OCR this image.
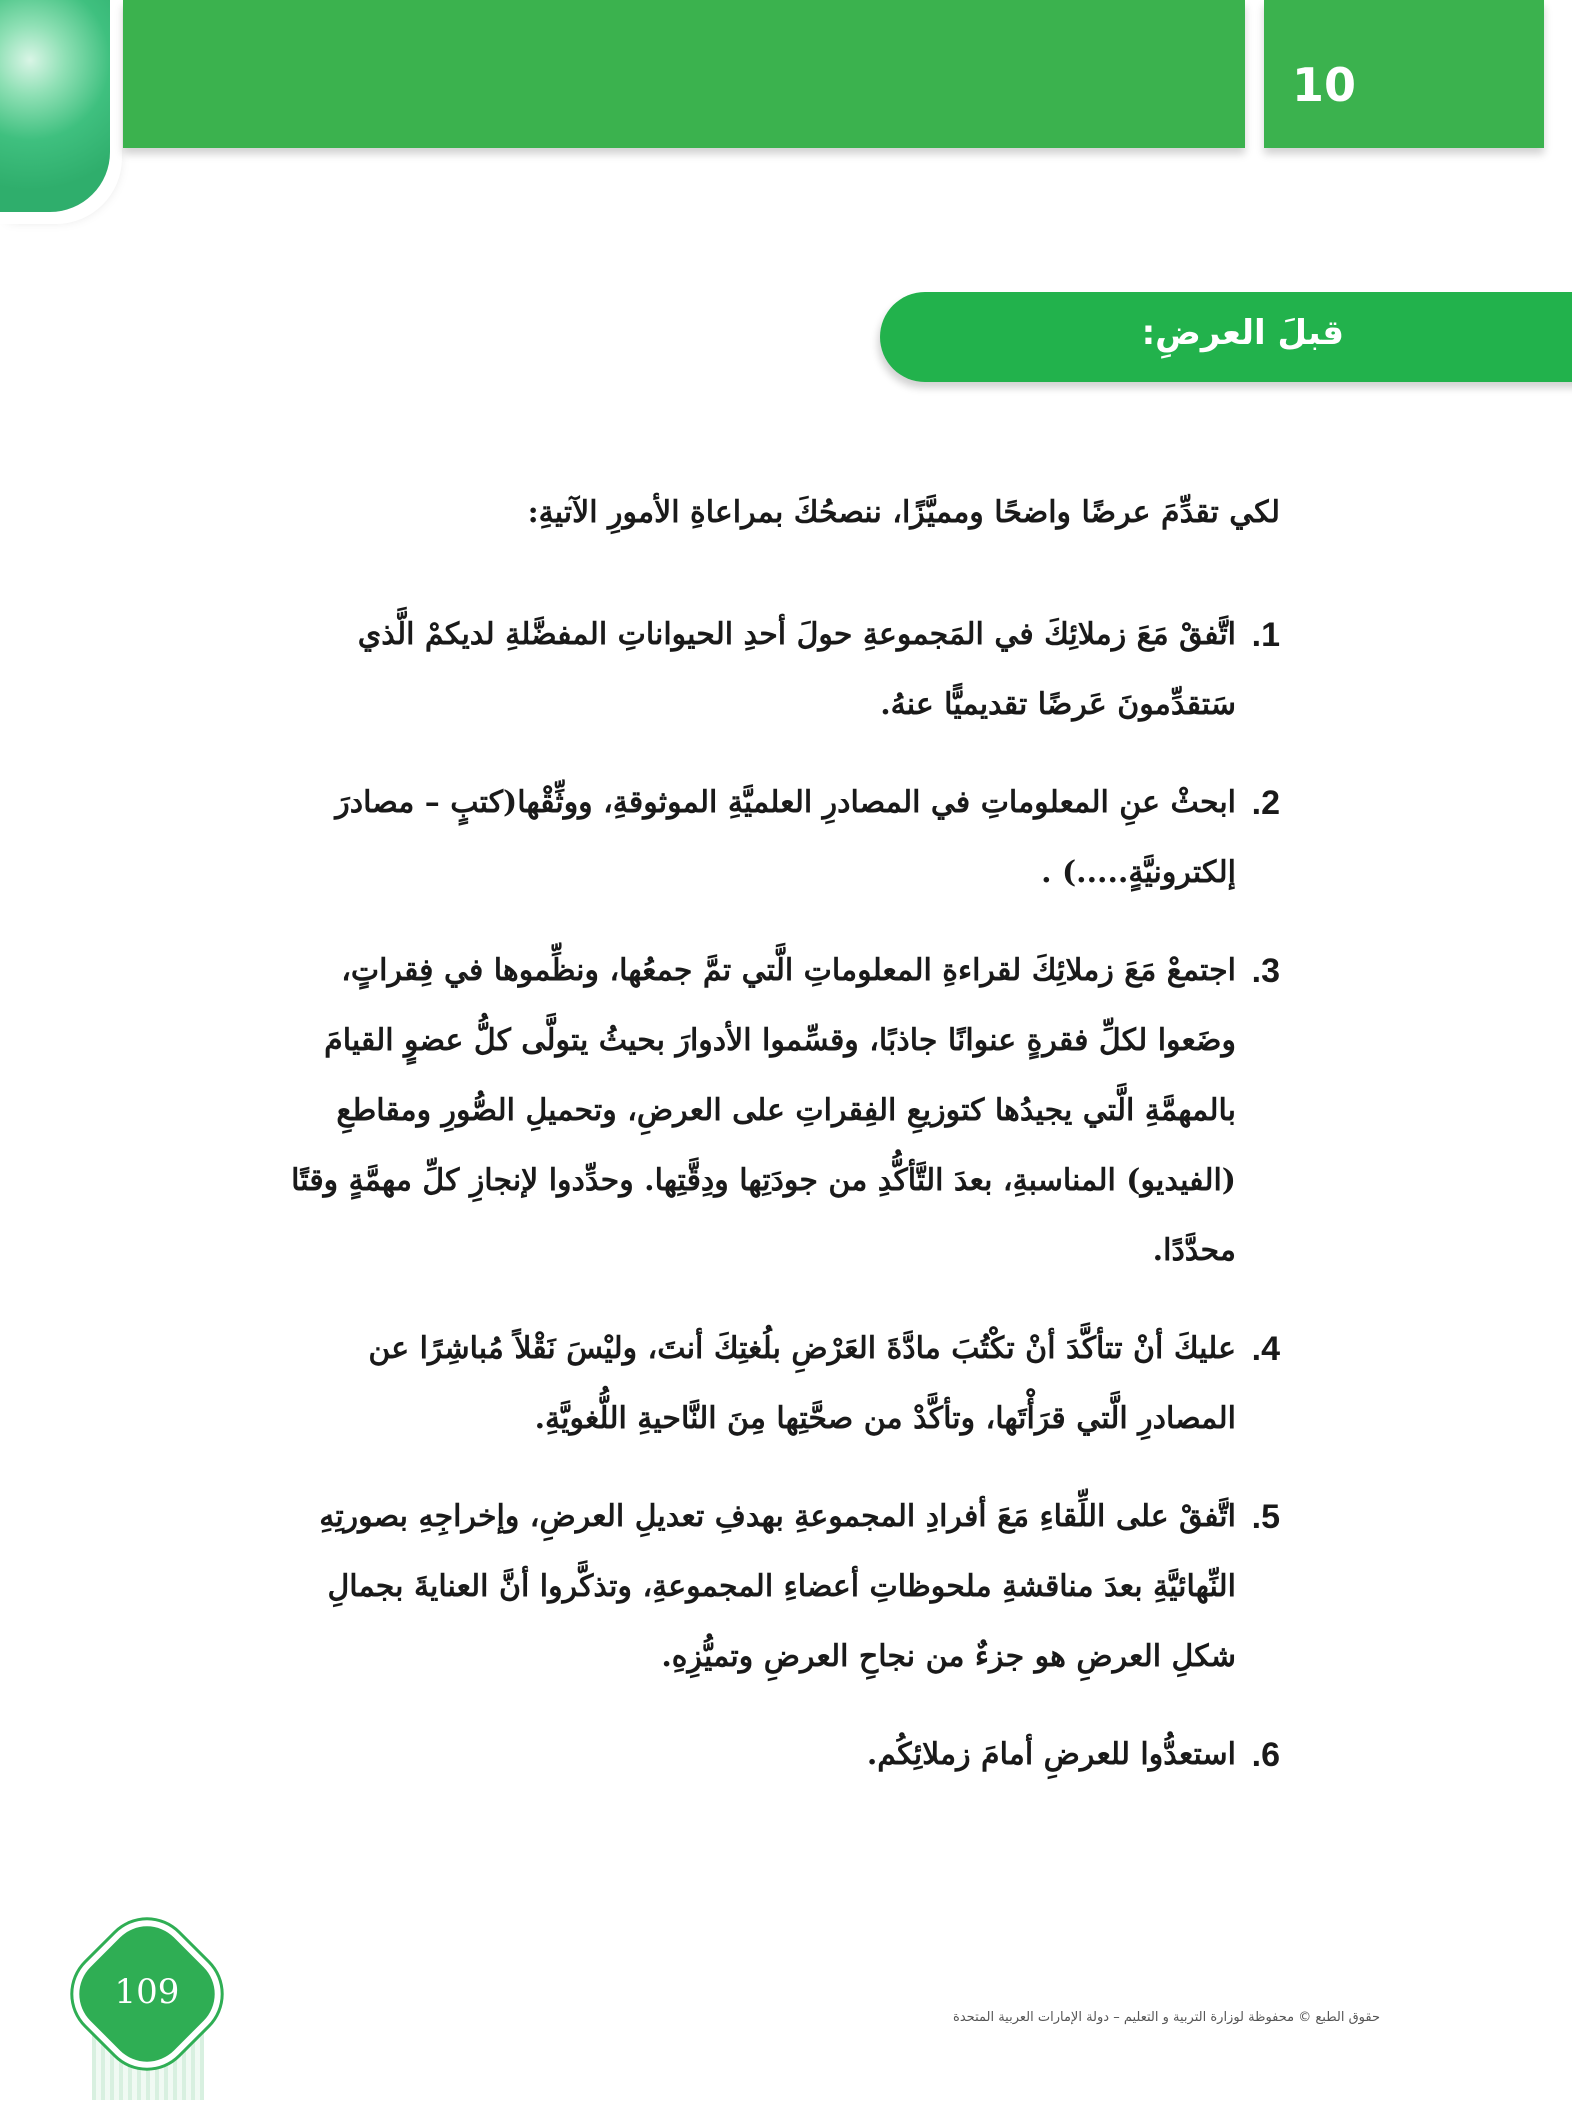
10
قبلَ العرضِ:

لكي تقدِّمَ عرضًا واضحًا ومميَّزًا، ننصحُكَ بمراعاةِ الأمورِ الآتيةِ:

1.
اتَّفقْ مَعَ زملائِكَ في المَجموعةِ حولَ أحدِ الحيواناتِ المفضَّلةِ لديكمْ الَّذي سَتقدِّمونَ عَرضًا تقديميًّا عنهُ.
2.
ابحثْ عنِ المعلوماتِ في المصادرِ العلميَّةِ الموثوقةِ، ووثِّقْها(كتبٍ – مصادرَ إلكترونيَّةٍ.....) .
3.
اجتمعْ مَعَ زملائِكَ لقراءةِ المعلوماتِ الَّتي تمَّ جمعُها، ونظِّموها في فِقراتٍ، وضَعوا لكلِّ فقرةٍ عنوانًا جاذبًا، وقسِّموا الأدوارَ بحيثُ يتولَّى كلُّ عضوٍ القيامَ بالمهمَّةِ الَّتي يجيدُها كتوزيعِ الفِقراتِ على العرضِ، وتحميلِ الصُّورِ ومقاطعِ (الفيديو) المناسبةِ، بعدَ التَّأكُّدِ من جودَتِها ودِقَّتِها. وحدِّدوا لإنجازِ كلِّ مهمَّةٍ وقتًا محدَّدًا.
4.
عليكَ أنْ تتأكَّدَ أنْ تكْتُبَ مادَّةَ العَرْضِ بلُغتِكَ أنتَ، وليْسَ نَقْلاً مُباشِرًا عن المصادرِ الَّتي قرَأْتَها، وتأكَّدْ من صحَّتِها مِنَ النَّاحيةِ اللُّغويَّةِ.
5.
اتَّفقْ على اللِّقاءِ مَعَ أفرادِ المجموعةِ بهدفِ تعديلِ العرضِ، وإخراجِهِ بصورتِهِ النِّهائيَّةِ بعدَ مناقشةِ ملحوظاتِ أعضاءِ المجموعةِ، وتذكَّروا أنَّ العنايةَ بجمالِ شكلِ العرضِ هو جزءٌ من نجاحِ العرضِ وتميُّزِهِ.
6.
استعدُّوا للعرضِ أمامَ زملائِكُم.
109
حقوق الطبع © محفوظة لوزارة التربية و التعليم – دولة الإمارات العربية المتحدة
